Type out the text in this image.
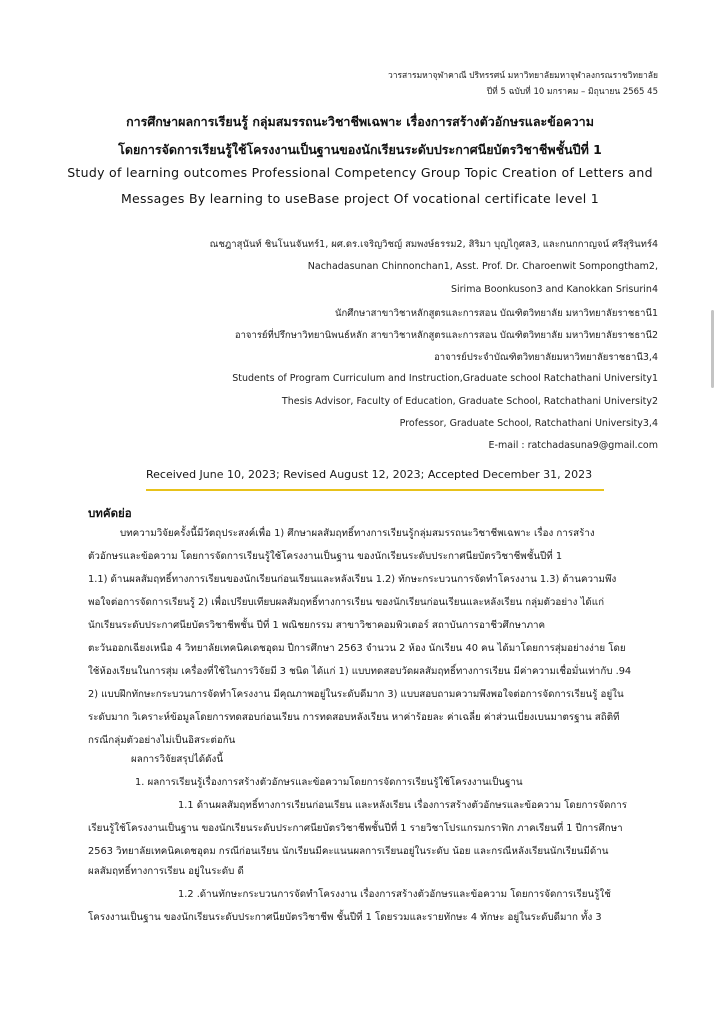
วารสารมหาจุฬาคาณี ปริทรรศน์ มหาวิทยาลัยมหาจุฬาลงกรณราชวิทยาลัย
ปีที่ 5 ฉบับที่ 10 มกราคม – มิถุนายน 2565 45
การศึกษาผลการเรียนรู้ กลุ่มสมรรถนะวิชาชีพเฉพาะ เรื่องการสร้างตัวอักษรและข้อความ
โดยการจัดการเรียนรู้ใช้โครงงานเป็นฐานของนักเรียนระดับประกาศนียบัตรวิชาชีพชั้นปีที่ 1
Study of learning outcomes Professional Competency Group Topic Creation of Letters and
Messages By learning to useBase project Of vocational certificate level 1
ณชฎาสุนันท์ ชินโนนจันทร์1, ผศ.ดร.เจริญวิชญ์ สมพงษ์ธรรม2, สิริมา บุญไกูศล3, และกนกกาญจน์ ศรีสุรินทร์4
Nachadasunan Chinnonchan1, Asst. Prof. Dr. Charoenwit Sompongtham2,
Sirima Boonkuson3 and Kanokkan Srisurin4
นักศึกษาสาขาวิชาหลักสูตรและการสอน บัณฑิตวิทยาลัย มหาวิทยาลัยราชธานี1
อาจารย์ที่ปรึกษาวิทยานิพนธ์หลัก สาขาวิชาหลักสูตรและการสอน บัณฑิตวิทยาลัย มหาวิทยาลัยราชธานี2
อาจารย์ประจำบัณฑิตวิทยาลัยมหาวิทยาลัยราชธานี3,4
Students of Program Curriculum and Instruction,Graduate school Ratchathani University1
Thesis Advisor, Faculty of Education, Graduate School, Ratchathani University2
Professor, Graduate School, Ratchathani University3,4
E-mail : ratchadasuna9@gmail.com
Received June 10, 2023; Revised August 12, 2023; Accepted December 31, 2023
บทคัดย่อ
บทความวิจัยครั้งนี้มีวัตถุประสงค์เพื่อ 1) ศึกษาผลสัมฤทธิ์ทางการเรียนรู้กลุ่มสมรรถนะวิชาชีพเฉพาะ เรื่อง การสร้าง
ตัวอักษรและข้อความ โดยการจัดการเรียนรู้ใช้โครงงานเป็นฐาน ของนักเรียนระดับประกาศนียบัตรวิชาชีพชั้นปีที่ 1
1.1) ด้านผลสัมฤทธิ์ทางการเรียนของนักเรียนก่อนเรียนและหลังเรียน 1.2) ทักษะกระบวนการจัดทำโครงงาน 1.3) ด้านความพึง
พอใจต่อการจัดการเรียนรู้ 2) เพื่อเปรียบเทียบผลสัมฤทธิ์ทางการเรียน ของนักเรียนก่อนเรียนและหลังเรียน กลุ่มตัวอย่าง ได้แก่
นักเรียนระดับประกาศนียบัตรวิชาชีพชั้น ปีที่ 1 พณิชยกรรม สาขาวิชาคอมพิวเตอร์ สถาบันการอาชีวศึกษาภาค
ตะวันออกเฉียงเหนือ 4 วิทยาลัยเทคนิคเดชอุดม ปีการศึกษา 2563 จำนวน 2 ห้อง นักเรียน 40 คน ได้มาโดยการสุ่มอย่างง่าย โดย
ใช้ห้องเรียนในการสุ่ม เครื่องที่ใช้ในการวิจัยมี 3 ชนิด ได้แก่ 1) แบบทดสอบวัดผลสัมฤทธิ์ทางการเรียน มีค่าความเชื่อมั่นเท่ากับ .94
2) แบบฝึกทักษะกระบวนการจัดทำโครงงาน มีคุณภาพอยู่ในระดับดีมาก 3) แบบสอบถามความพึงพอใจต่อการจัดการเรียนรู้ อยู่ใน
ระดับมาก วิเคราะห์ข้อมูลโดยการทดสอบก่อนเรียน การทดสอบหลังเรียน หาค่าร้อยละ ค่าเฉลี่ย ค่าส่วนเบี่ยงเบนมาตรฐาน สถิติที
กรณีกลุ่มตัวอย่างไม่เป็นอิสระต่อกัน
ผลการวิจัยสรุปได้ดังนี้
1. ผลการเรียนรู้เรื่องการสร้างตัวอักษรและข้อความโดยการจัดการเรียนรู้ใช้โครงงานเป็นฐาน
1.1 ด้านผลสัมฤทธิ์ทางการเรียนก่อนเรียน และหลังเรียน เรื่องการสร้างตัวอักษรและข้อความ โดยการจัดการ
เรียนรู้ใช้โครงงานเป็นฐาน ของนักเรียนระดับประกาศนียบัตรวิชาชีพชั้นปีที่ 1 รายวิชาโปรแกรมกราฟิก ภาคเรียนที่ 1 ปีการศึกษา
2563 วิทยาลัยเทคนิคเดชอุดม กรณีก่อนเรียน นักเรียนมีคะแนนผลการเรียนอยู่ในระดับ น้อย และกรณีหลังเรียนนักเรียนมีด้าน
ผลสัมฤทธิ์ทางการเรียน อยู่ในระดับ ดี
1.2 .ด้านทักษะกระบวนการจัดทำโครงงาน เรื่องการสร้างตัวอักษรและข้อความ โดยการจัดการเรียนรู้ใช้
โครงงานเป็นฐาน ของนักเรียนระดับประกาศนียบัตรวิชาชีพ ชั้นปีที่ 1 โดยรวมและรายทักษะ 4 ทักษะ อยู่ในระดับดีมาก ทั้ง 3
